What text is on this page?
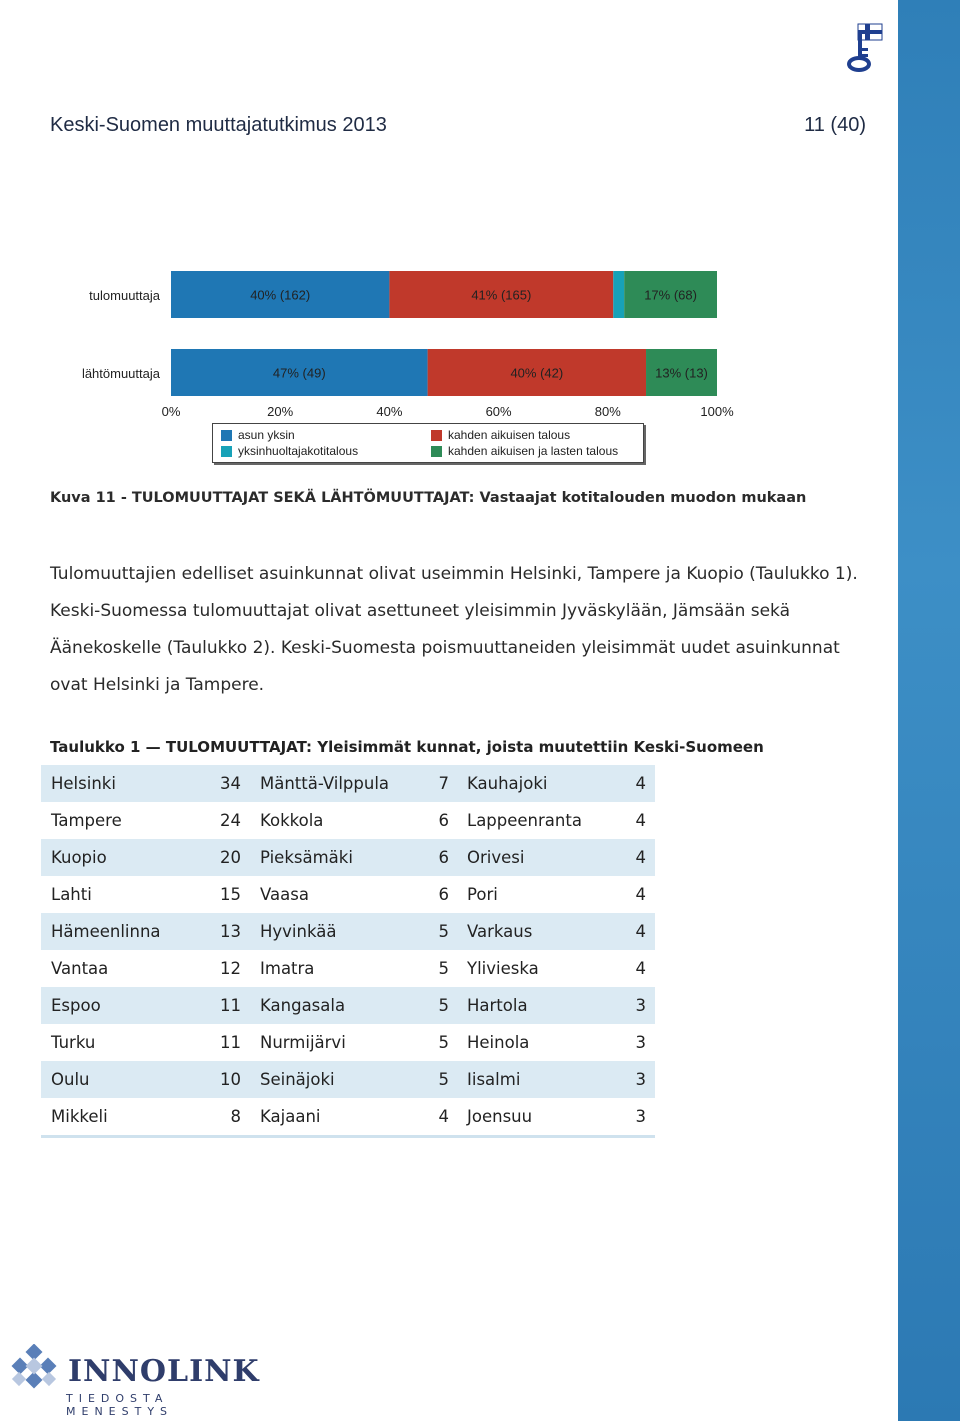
Keski-Suomen muuttajatutkimus 2013	11 (40)
40% (162)	41% (165)	17% (68)
47% (49)	40% (42)	13% (13)
tulomuuttaja
lähtömuuttaja
0%	20%	40%	60%	80%	100%
asun yksin
yksinhuoltajakotitalous
kahden aikuisen talous
kahden aikuisen ja lasten talous
Kuva 11 - TULOMUUTTAJAT SEKÄ LÄHTÖMUUTTAJAT: Vastaajat kotitalouden muodon mukaan
Tulomuuttajien edelliset asuinkunnat olivat useimmin Helsinki, Tampere ja Kuopio (Taulukko 1). Keski-Suomessa tulomuuttajat olivat asettuneet yleisimmin Jyväskylään, Jämsään sekä Äänekoskelle (Taulukko 2). Keski-Suomesta poismuuttaneiden yleisimmät uudet asuinkunnat ovat Helsinki ja Tampere.
Taulukko 1 — TULOMUUTTAJAT: Yleisimmät kunnat, joista muutettiin Keski-Suomeen
Helsinki	34 Mänttä-Vilppula	7 Kauhajoki	4
Tampere	24 Kokkola	6 Lappeenranta	4
Kuopio	20 Pieksämäki	6 Orivesi	4
Lahti	15 Vaasa	6 Pori	4
Hämeenlinna	13 Hyvinkää	5 Varkaus	4
Vantaa	12 Imatra	5 Ylivieska	4
Espoo	11 Kangasala	5 Hartola	3
Turku	11 Nurmijärvi	5 Heinola	3
Oulu	10 Seinäjoki	5 Iisalmi	3
Mikkeli	8 Kajaani	4 Joensuu	3
INNOLINK
TIEDOSTA MENESTYS
